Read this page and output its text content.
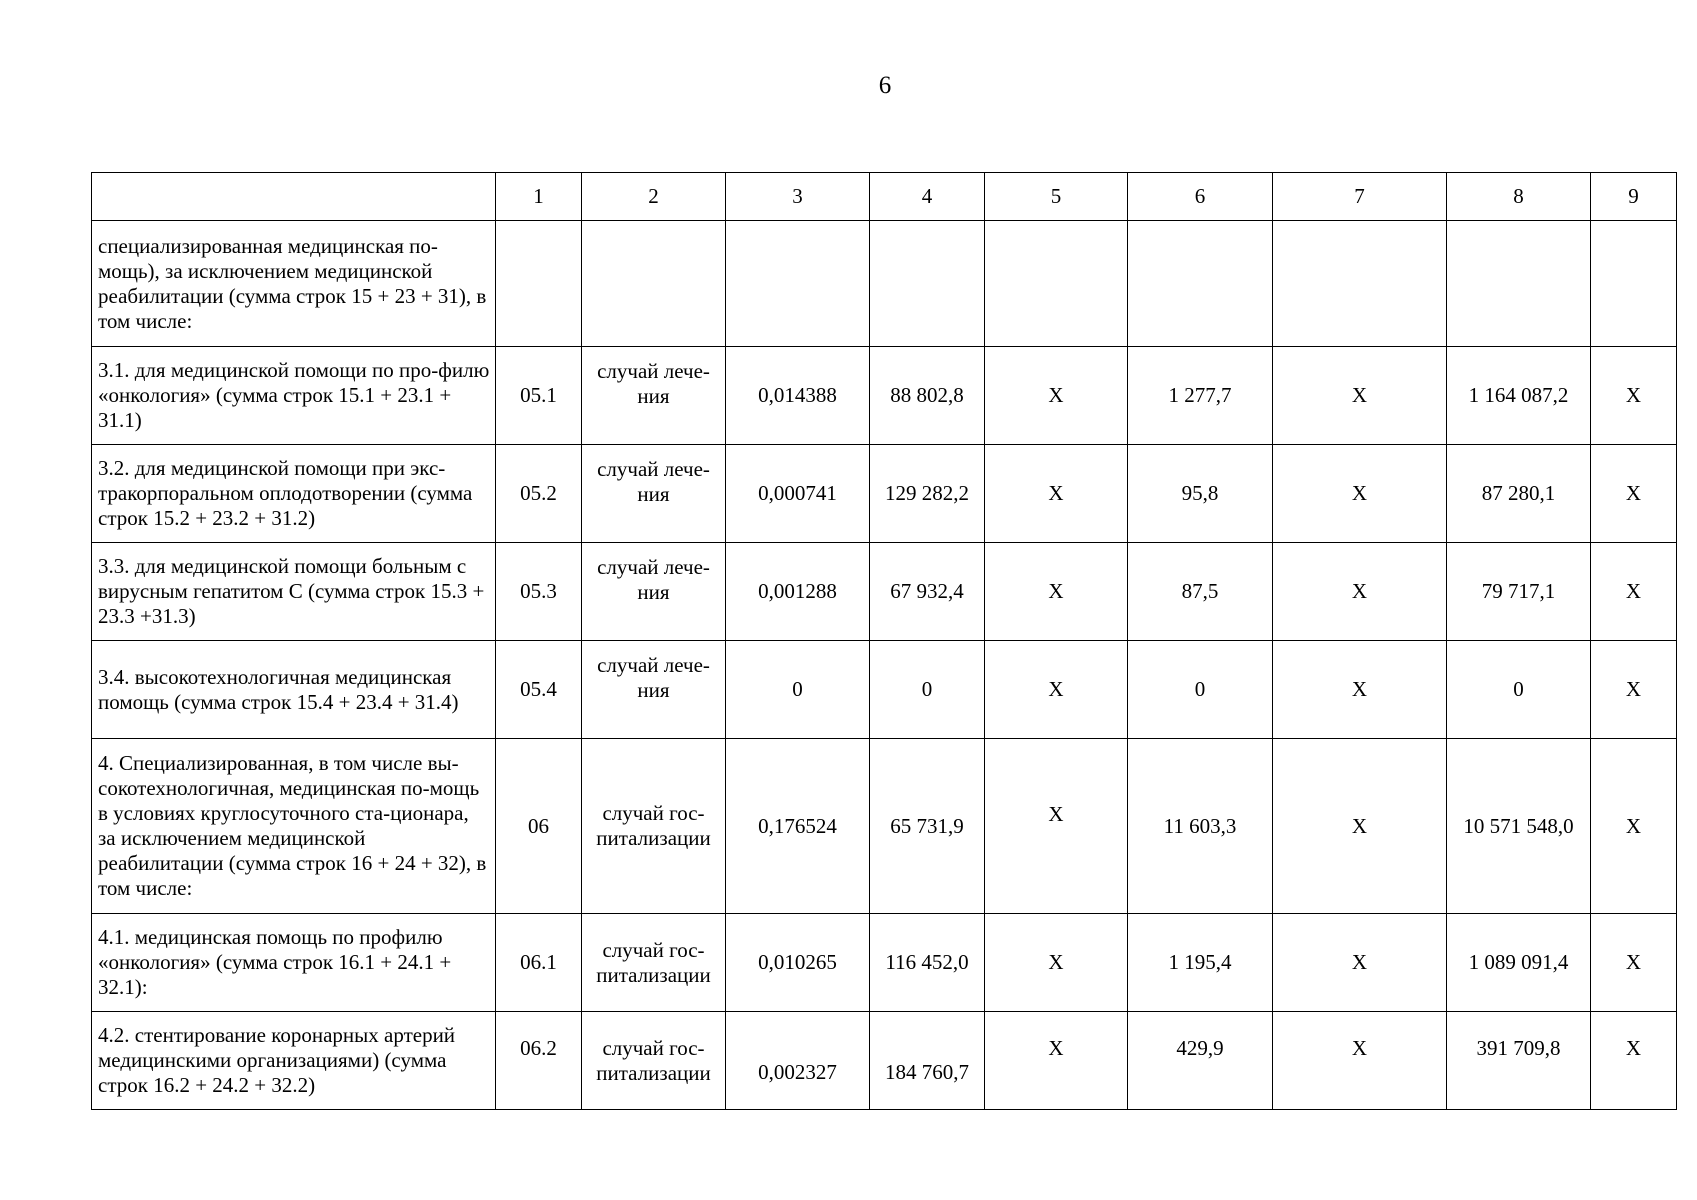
6
	1	2	3	4	5	6	7	8	9
специализированная медицинская по-мощь), за исключением медицинской реабилитации (сумма строк 15 + 23 + 31), в том числе:									
3.1. для медицинской помощи по про-филю «онкология» (сумма строк 15.1 + 23.1 + 31.1)	05.1	случай лече-ния	0,014388	88 802,8	X	1 277,7	X	1 164 087,2	X
3.2. для медицинской помощи при экс-тракорпоральном оплодотворении (сумма строк 15.2 + 23.2 + 31.2)	05.2	случай лече-ния	0,000741	129 282,2	X	95,8	X	87 280,1	X
3.3. для медицинской помощи больным с вирусным гепатитом С (сумма строк 15.3 + 23.3 +31.3)	05.3	случай лече-ния	0,001288	67 932,4	X	87,5	X	79 717,1	X
3.4. высокотехнологичная медицинская помощь (сумма строк 15.4 + 23.4 + 31.4)	05.4	случай лече-ния	0	0	X	0	X	0	X
4. Специализированная, в том числе вы-сокотехнологичная, медицинская по-мощь в условиях круглосуточного ста-ционара, за исключением медицинской реабилитации (сумма строк 16 + 24 + 32), в том числе:	06	случай гос-питализации	0,176524	65 731,9	X	11 603,3	X	10 571 548,0	X
4.1. медицинская помощь по профилю «онкология» (сумма строк 16.1 + 24.1 + 32.1):	06.1	случай гос-питализации	0,010265	116 452,0	X	1 195,4	X	1 089 091,4	X
4.2. стентирование коронарных артерий медицинскими организациями) (сумма строк 16.2 + 24.2 + 32.2)	06.2	случай гос-питализации	0,002327	184 760,7	X	429,9	X	391 709,8	X
